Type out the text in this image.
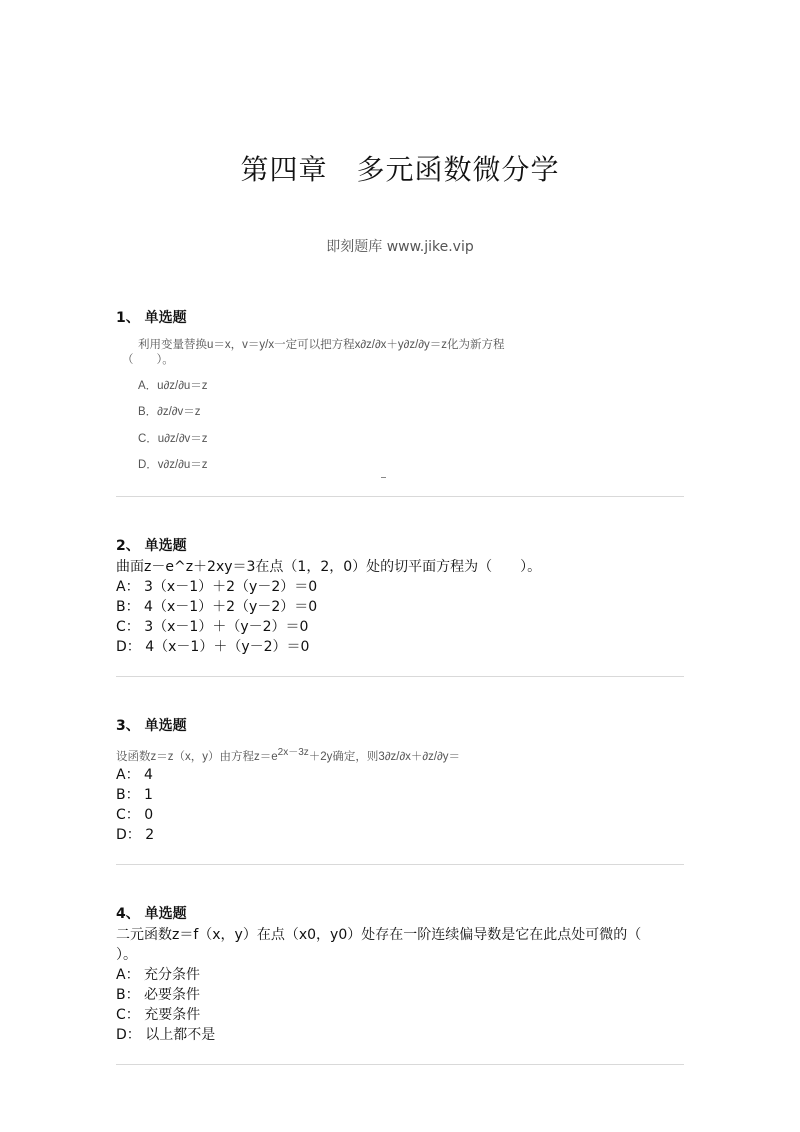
第四章　多元函数微分学
即刻题库 www.jike.vip
1、 单选题
利用变量替换u＝x，v＝y/x一定可以把方程x∂z/∂x＋y∂z/∂y＝z化为新方程
（　　）。
A．u∂z/∂u＝z
B．∂z/∂v＝z
C．u∂z/∂v＝z
D．v∂z/∂u＝z
2、 单选题
曲面z－e^z＋2xy＝3在点（1，2，0）处的切平面方程为（　　）。
A： 3（x－1）＋2（y－2）＝0
B： 4（x－1）＋2（y－2）＝0
C： 3（x－1）＋（y－2）＝0
D： 4（x－1）＋（y－2）＝0
3、 单选题
设函数z＝z（x，y）由方程$z=e^{2x-3z}+2y$确定，则3∂z/∂x＋∂z/∂y＝
A： 4
B： 1
C： 0
D： 2
4、 单选题
二元函数z＝f（x，y）在点（x0，y0）处存在一阶连续偏导数是它在此点处可微的（
）。
A： 充分条件
B： 必要条件
C： 充要条件
D： 以上都不是
